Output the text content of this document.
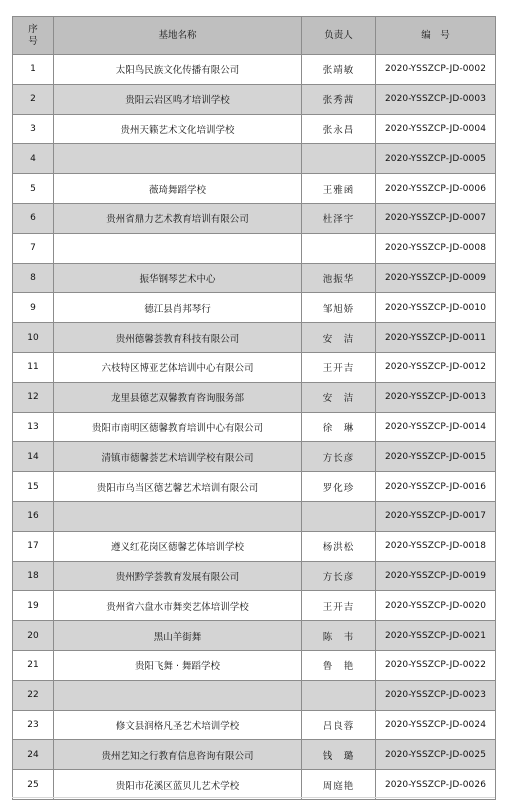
序
号	基地名称	负责人	编　号
1	太阳鸟民族文化传播有限公司	张靖敏	2020-YSSZCP-JD-0002
2	贵阳云岩区鸣才培训学校	张秀茜	2020-YSSZCP-JD-0003
3	贵州天籁艺术文化培训学校	张永昌	2020-YSSZCP-JD-0004
4			2020-YSSZCP-JD-0005
5	薇琦舞蹈学校	王雅函	2020-YSSZCP-JD-0006
6	贵州省鼎力艺术教育培训有限公司	杜泽宇	2020-YSSZCP-JD-0007
7			2020-YSSZCP-JD-0008
8	振华钢琴艺术中心	池振华	2020-YSSZCP-JD-0009
9	德江县肖邦琴行	邹旭娇	2020-YSSZCP-JD-0010
10	贵州德馨荟教育科技有限公司	安　洁	2020-YSSZCP-JD-0011
11	六枝特区博亚艺体培训中心有限公司	王开吉	2020-YSSZCP-JD-0012
12	龙里县德艺双馨教育咨询服务部	安　洁	2020-YSSZCP-JD-0013
13	贵阳市南明区德馨教育培训中心有限公司	徐　琳	2020-YSSZCP-JD-0014
14	清镇市德馨荟艺术培训学校有限公司	方长彦	2020-YSSZCP-JD-0015
15	贵阳市乌当区德艺馨艺术培训有限公司	罗化珍	2020-YSSZCP-JD-0016
16			2020-YSSZCP-JD-0017
17	遵义红花岗区德馨艺体培训学校	杨洪松	2020-YSSZCP-JD-0018
18	贵州黔学荟教育发展有限公司	方长彦	2020-YSSZCP-JD-0019
19	贵州省六盘水市舞奕艺体培训学校	王开吉	2020-YSSZCP-JD-0020
20	黑山羊街舞	陈　韦	2020-YSSZCP-JD-0021
21	贵阳飞舞 · 舞蹈学校	鲁　艳	2020-YSSZCP-JD-0022
22			2020-YSSZCP-JD-0023
23	修文县润格凡圣艺术培训学校	吕良蓉	2020-YSSZCP-JD-0024
24	贵州艺知之行教育信息咨询有限公司	钱　璐	2020-YSSZCP-JD-0025
25	贵阳市花溪区蓝贝儿艺术学校	周庭艳	2020-YSSZCP-JD-0026
